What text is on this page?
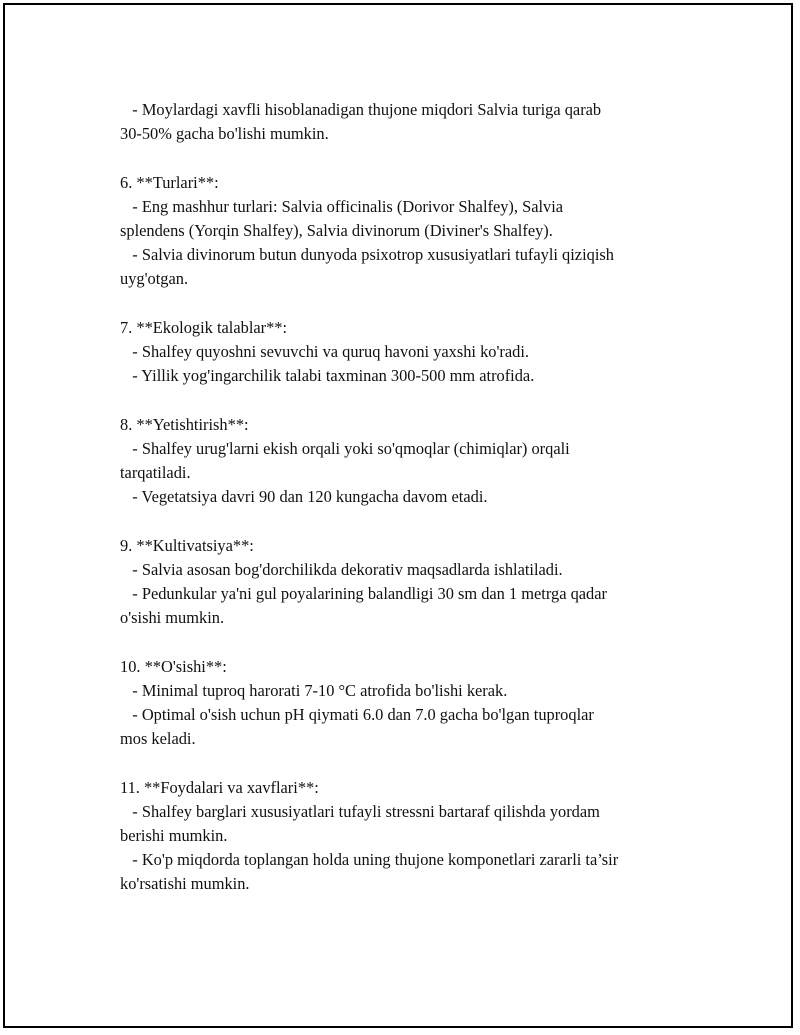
- Moylardagi xavfli hisoblanadigan thujone miqdori Salvia turiga qarab
30-50% gacha bo'lishi mumkin.

6. **Turlari**:
- Eng mashhur turlari: Salvia officinalis (Dorivor Shalfey), Salvia
splendens (Yorqin Shalfey), Salvia divinorum (Diviner's Shalfey).
- Salvia divinorum butun dunyoda psixotrop xususiyatlari tufayli qiziqish
uyg'otgan.

7. **Ekologik talablar**:
- Shalfey quyoshni sevuvchi va quruq havoni yaxshi ko'radi.
- Yillik yog'ingarchilik talabi taxminan 300-500 mm atrofida.

8. **Yetishtirish**:
- Shalfey urug'larni ekish orqali yoki so'qmoqlar (chimiqlar) orqali
tarqatiladi.
- Vegetatsiya davri 90 dan 120 kungacha davom etadi.

9. **Kultivatsiya**:
- Salvia asosan bog'dorchilikda dekorativ maqsadlarda ishlatiladi.
- Pedunkular ya'ni gul poyalarining balandligi 30 sm dan 1 metrga qadar
o'sishi mumkin.

10. **O'sishi**:
- Minimal tuproq harorati 7-10 °C atrofida bo'lishi kerak.
- Optimal o'sish uchun pH qiymati 6.0 dan 7.0 gacha bo'lgan tuproqlar
mos keladi.

11. **Foydalari va xavflari**:
- Shalfey barglari xususiyatlari tufayli stressni bartaraf qilishda yordam
berishi mumkin.
- Ko'p miqdorda toplangan holda uning thujone komponetlari zararli ta’sir
ko'rsatishi mumkin.
